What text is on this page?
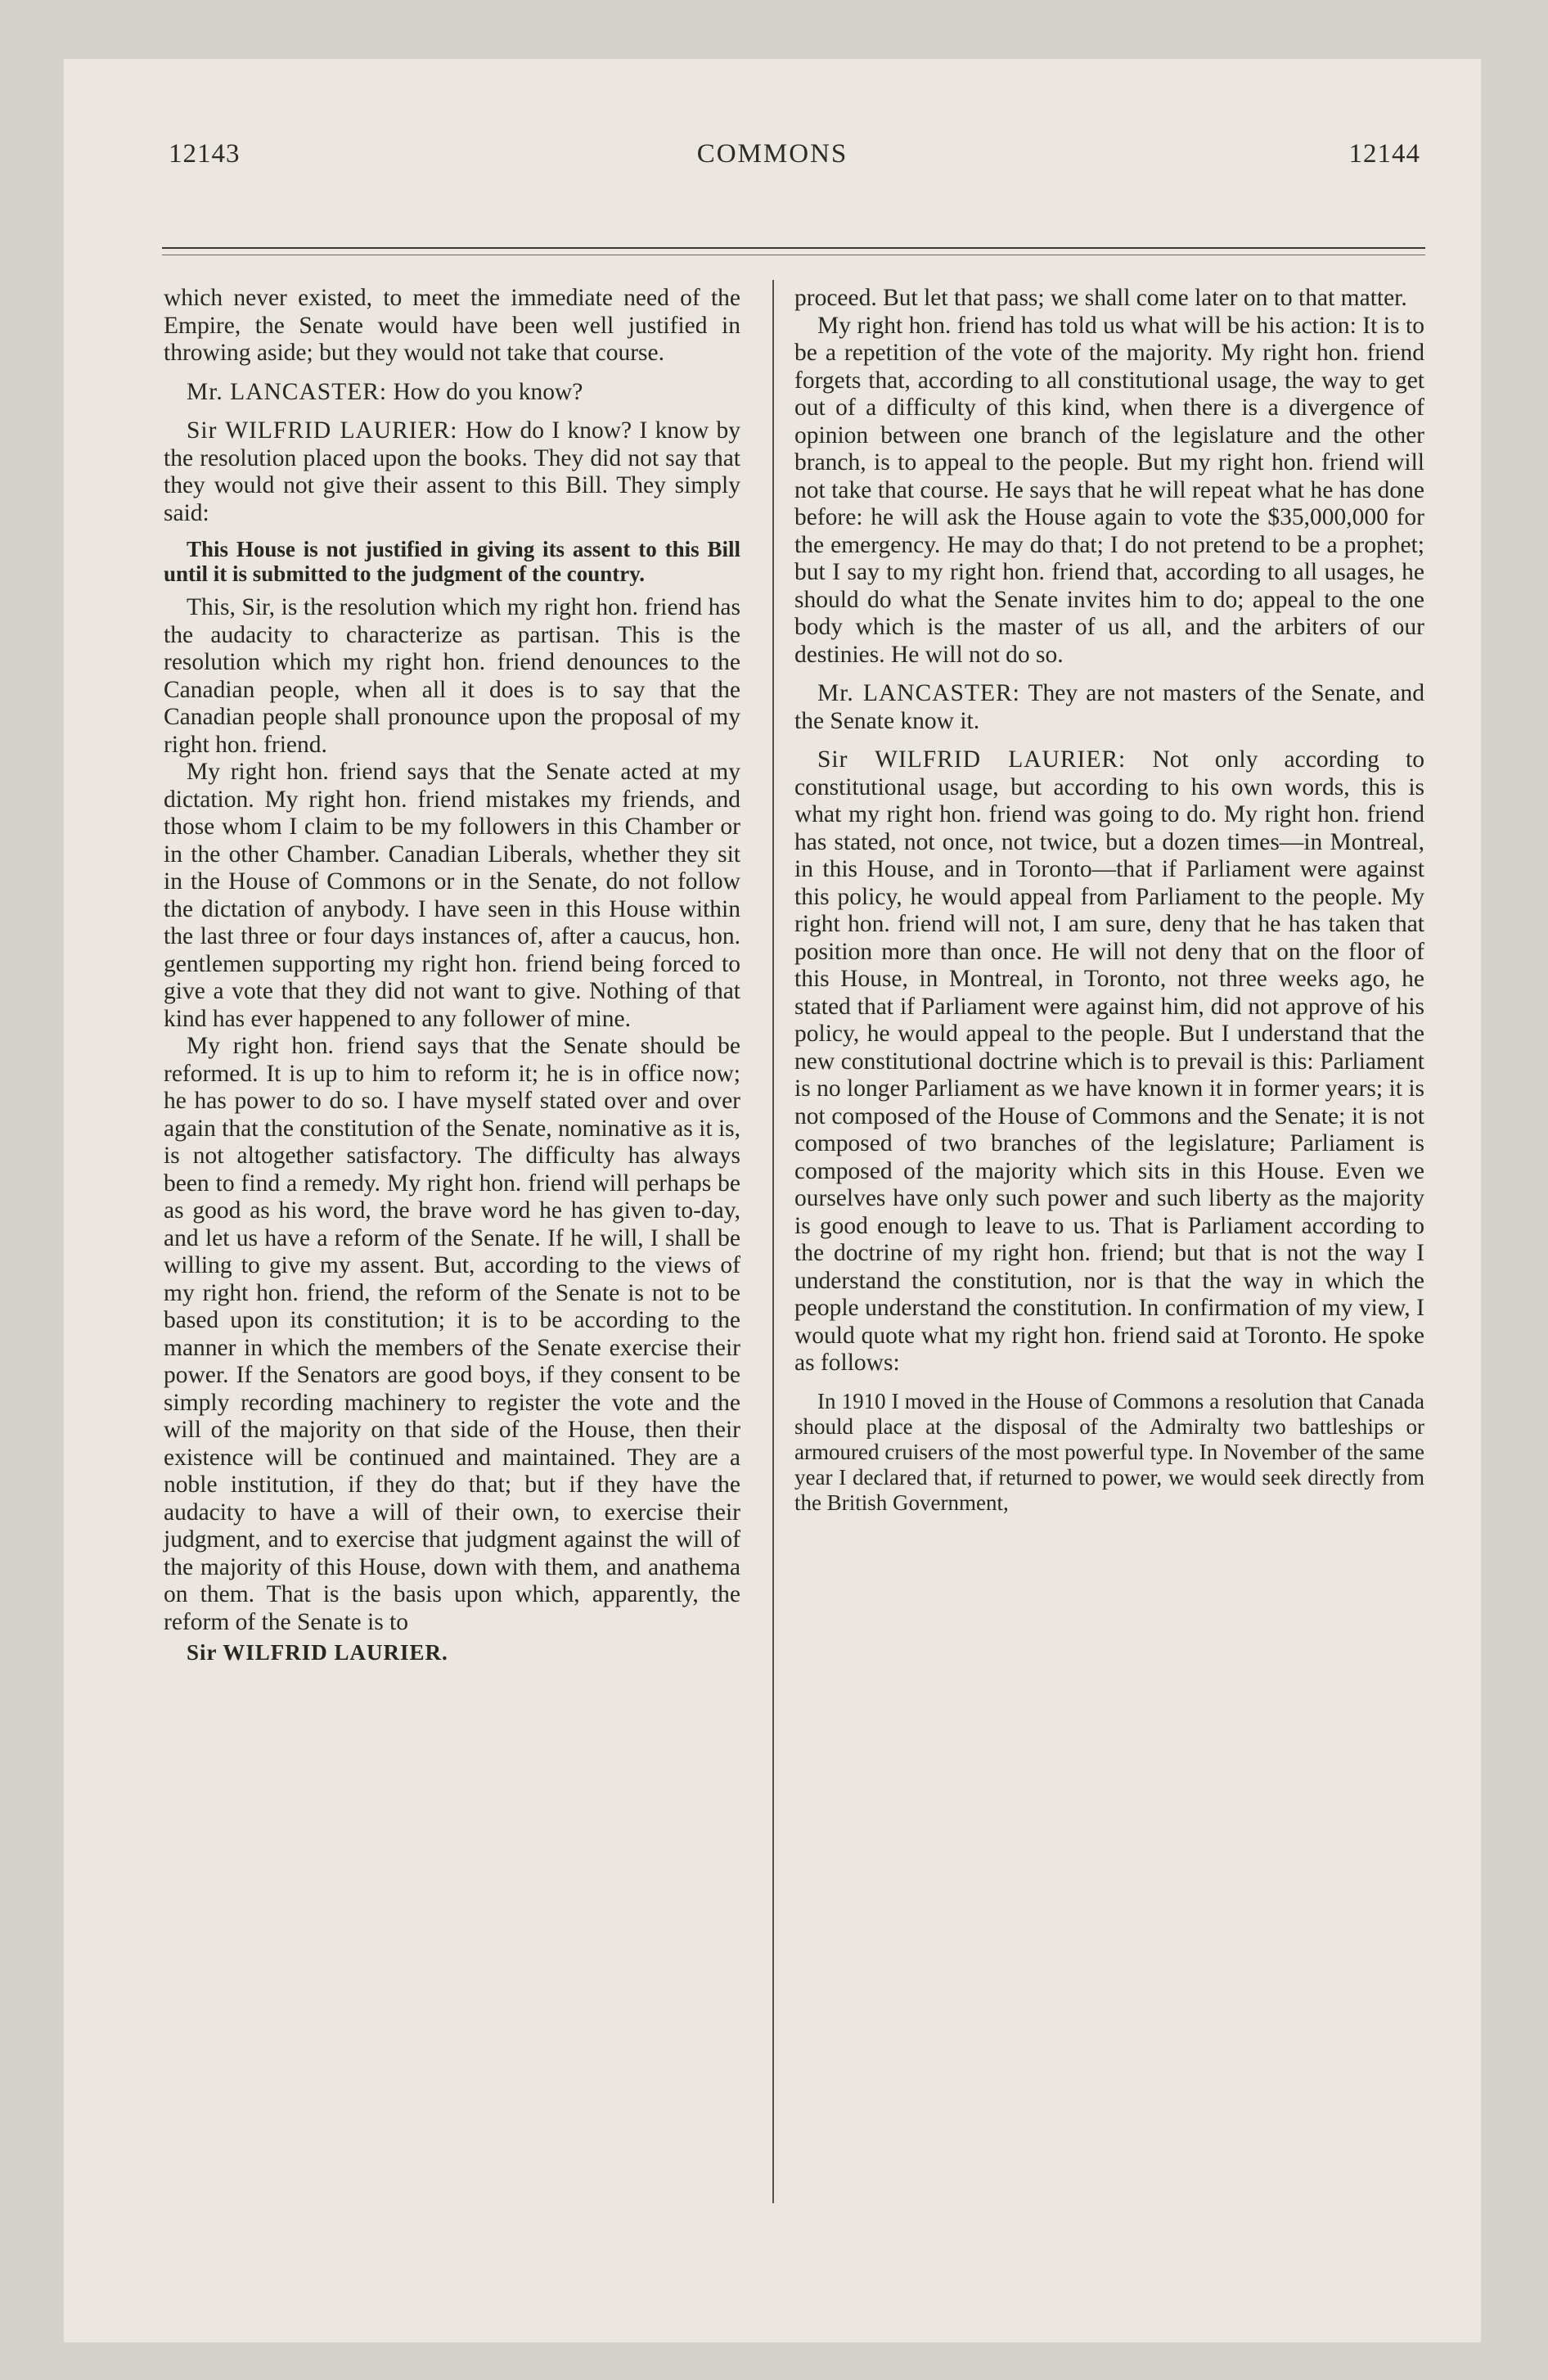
12143	COMMONS	12144

which never existed, to meet the immediate need of the Empire, the Senate would have been well justified in throwing aside; but they would not take that course.

Mr. LANCASTER: How do you know?

Sir WILFRID LAURIER: How do I know? I know by the resolution placed upon the books. They did not say that they would not give their assent to this Bill. They simply said:

This House is not justified in giving its assent to this Bill until it is submitted to the judgment of the country.

This, Sir, is the resolution which my right hon. friend has the audacity to characterize as partisan. This is the resolution which my right hon. friend denounces to the Canadian people, when all it does is to say that the Canadian people shall pronounce upon the proposal of my right hon. friend.

My right hon. friend says that the Senate acted at my dictation. My right hon. friend mistakes my friends, and those whom I claim to be my followers in this Chamber or in the other Chamber. Canadian Liberals, whether they sit in the House of Commons or in the Senate, do not follow the dictation of anybody. I have seen in this House within the last three or four days instances of, after a caucus, hon. gentlemen supporting my right hon. friend being forced to give a vote that they did not want to give. Nothing of that kind has ever happened to any follower of mine.

My right hon. friend says that the Senate should be reformed. It is up to him to reform it; he is in office now; he has power to do so. I have myself stated over and over again that the constitution of the Senate, nominative as it is, is not altogether satisfactory. The difficulty has always been to find a remedy. My right hon. friend will perhaps be as good as his word, the brave word he has given to-day, and let us have a reform of the Senate. If he will, I shall be willing to give my assent. But, according to the views of my right hon. friend, the reform of the Senate is not to be based upon its constitution; it is to be according to the manner in which the members of the Senate exercise their power. If the Senators are good boys, if they consent to be simply recording machinery to register the vote and the will of the majority on that side of the House, then their existence will be continued and maintained. They are a noble institution, if they do that; but if they have the audacity to have a will of their own, to exercise their judgment, and to exercise that judgment against the will of the majority of this House, down with them, and anathema on them. That is the basis upon which, apparently, the reform of the Senate is to

Sir WILFRID LAURIER.

proceed. But let that pass; we shall come later on to that matter.

My right hon. friend has told us what will be his action: It is to be a repetition of the vote of the majority. My right hon. friend forgets that, according to all constitutional usage, the way to get out of a difficulty of this kind, when there is a divergence of opinion between one branch of the legislature and the other branch, is to appeal to the people. But my right hon. friend will not take that course. He says that he will repeat what he has done before: he will ask the House again to vote the $35,000,000 for the emergency. He may do that; I do not pretend to be a prophet; but I say to my right hon. friend that, according to all usages, he should do what the Senate invites him to do; appeal to the one body which is the master of us all, and the arbiters of our destinies. He will not do so.

Mr. LANCASTER: They are not masters of the Senate, and the Senate know it.

Sir WILFRID LAURIER: Not only according to constitutional usage, but according to his own words, this is what my right hon. friend was going to do. My right hon. friend has stated, not once, not twice, but a dozen times—in Montreal, in this House, and in Toronto—that if Parliament were against this policy, he would appeal from Parliament to the people. My right hon. friend will not, I am sure, deny that he has taken that position more than once. He will not deny that on the floor of this House, in Montreal, in Toronto, not three weeks ago, he stated that if Parliament were against him, did not approve of his policy, he would appeal to the people. But I understand that the new constitutional doctrine which is to prevail is this: Parliament is no longer Parliament as we have known it in former years; it is not composed of the House of Commons and the Senate; it is not composed of two branches of the legislature; Parliament is composed of the majority which sits in this House. Even we ourselves have only such power and such liberty as the majority is good enough to leave to us. That is Parliament according to the doctrine of my right hon. friend; but that is not the way I understand the constitution, nor is that the way in which the people understand the constitution. In confirmation of my view, I would quote what my right hon. friend said at Toronto. He spoke as follows:

In 1910 I moved in the House of Commons a resolution that Canada should place at the disposal of the Admiralty two battleships or armoured cruisers of the most powerful type. In November of the same year I declared that, if returned to power, we would seek directly from the British Government,
